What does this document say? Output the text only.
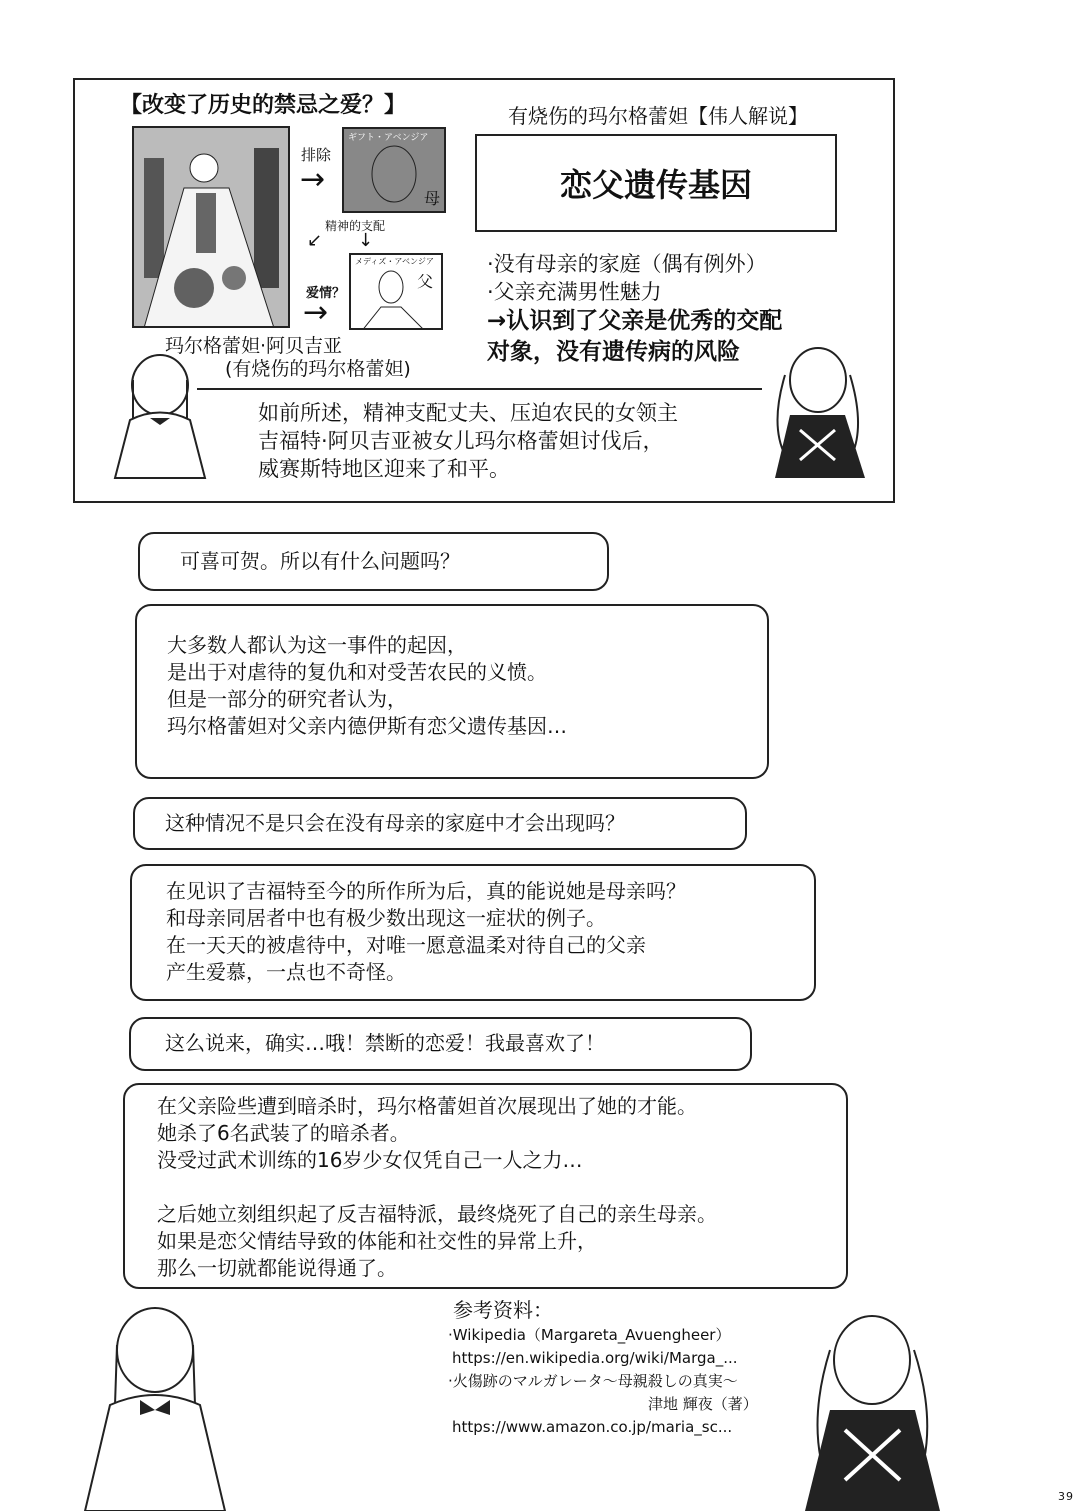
【改变了历史的禁忌之爱？】
排除
→
ギフト・アベンジア
母
精神的支配
↙ ↓
爱情？
→
メディズ・アベンジア
父
玛尔格蕾妲·阿贝吉亚
(有烧伤的玛尔格蕾妲)
有烧伤的玛尔格蕾妲【伟人解说】
恋父遗传基因
·没有母亲的家庭（偶有例外）
·父亲充满男性魅力
→认识到了父亲是优秀的交配
对象，没有遗传病的风险
如前所述，精神支配丈夫、压迫农民的女领主
吉福特·阿贝吉亚被女儿玛尔格蕾妲讨伐后，
威赛斯特地区迎来了和平。
可喜可贺。所以有什么问题吗？
大多数人都认为这一事件的起因，
是出于对虐待的复仇和对受苦农民的义愤。
但是一部分的研究者认为，
玛尔格蕾妲对父亲内德伊斯有恋父遗传基因…
这种情况不是只会在没有母亲的家庭中才会出现吗？
在见识了吉福特至今的所作所为后，真的能说她是母亲吗？
和母亲同居者中也有极少数出现这一症状的例子。
在一天天的被虐待中，对唯一愿意温柔对待自己的父亲
产生爱慕，一点也不奇怪。
这么说来，确实…哦！禁断的恋爱！我最喜欢了！
在父亲险些遭到暗杀时，玛尔格蕾妲首次展现出了她的才能。
她杀了6名武装了的暗杀者。
没受过武术训练的16岁少女仅凭自己一人之力…
之后她立刻组织起了反吉福特派，最终烧死了自己的亲生母亲。
如果是恋父情结导致的体能和社交性的异常上升，
那么一切就都能说得通了。
参考资料：
·Wikipedia（Margareta_Avuengheer）
https://en.wikipedia.org/wiki/Marga_...
·火傷跡のマルガレータ〜母親殺しの真実〜
津地 輝夜（著）
https://www.amazon.co.jp/maria_sc...
39
